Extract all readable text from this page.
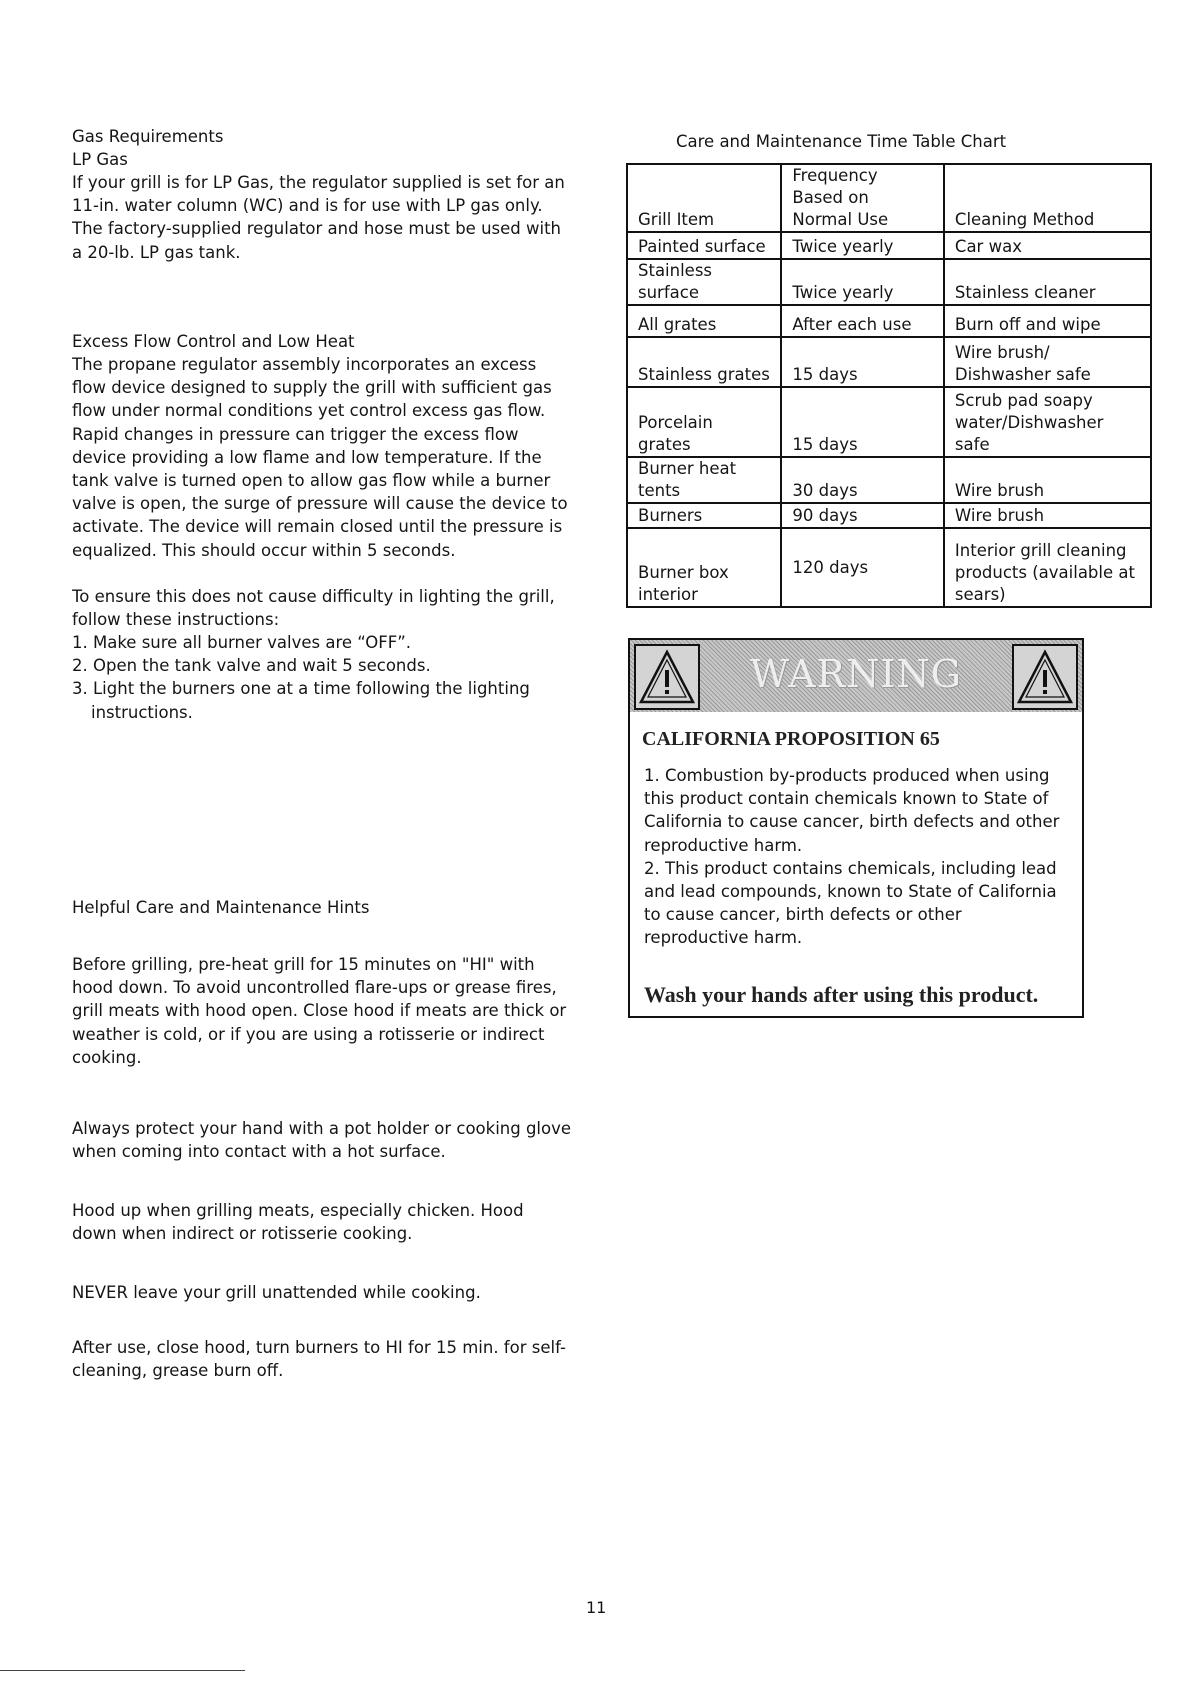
Gas Requirements
LP Gas
If your grill is for LP Gas, the regulator supplied is set for an 11-in. water column (WC) and is for use with LP gas only. The factory-supplied regulator and hose must be used with a 20-lb. LP gas tank.
Excess Flow Control and Low Heat
The propane regulator assembly incorporates an excess flow device designed to supply the grill with sufficient gas flow under normal conditions yet control excess gas flow. Rapid changes in pressure can trigger the excess flow device providing a low flame and low temperature. If the tank valve is turned open to allow gas flow while a burner valve is open, the surge of pressure will cause the device to activate. The device will remain closed until the pressure is equalized. This should occur within 5 seconds.
To ensure this does not cause difficulty in lighting the grill, follow these instructions:
1. Make sure all burner valves are “OFF”.
2. Open the tank valve and wait 5 seconds.
3. Light the burners one at a time following the lighting instructions.
Helpful Care and Maintenance Hints
Before grilling, pre-heat grill for 15 minutes on "HI" with hood down. To avoid uncontrolled flare-ups or grease fires, grill meats with hood open. Close hood if meats are thick or weather is cold, or if you are using a rotisserie or indirect cooking.
Always protect your hand with a pot holder or cooking glove when coming into contact with a hot surface.
Hood up when grilling meats, especially chicken. Hood down when indirect or rotisserie cooking.
NEVER leave your grill unattended while cooking.
After use, close hood, turn burners to HI for 15 min. for self-cleaning, grease burn off.
Care and Maintenance Time Table Chart
Grill Item	Frequency Based on Normal Use	Cleaning Method
Painted surface	Twice yearly	Car wax
Stainless surface	Twice yearly	Stainless cleaner
All grates	After each use	Burn off and wipe
Stainless grates	15 days	Wire brush/ Dishwasher safe
Porcelain grates	15 days	Scrub pad soapy water/Dishwasher safe
Burner heat tents	30 days	Wire brush
Burners	90 days	Wire brush
Burner box interior	120 days	Interior grill cleaning products (available at sears)
WARNING
CALIFORNIA PROPOSITION 65
1. Combustion by-products produced when using this product contain chemicals known to State of California to cause cancer, birth defects and other reproductive harm.
2. This product contains chemicals, including lead and lead compounds, known to State of California to cause cancer, birth defects or other reproductive harm.
Wash your hands after using this product.
11
